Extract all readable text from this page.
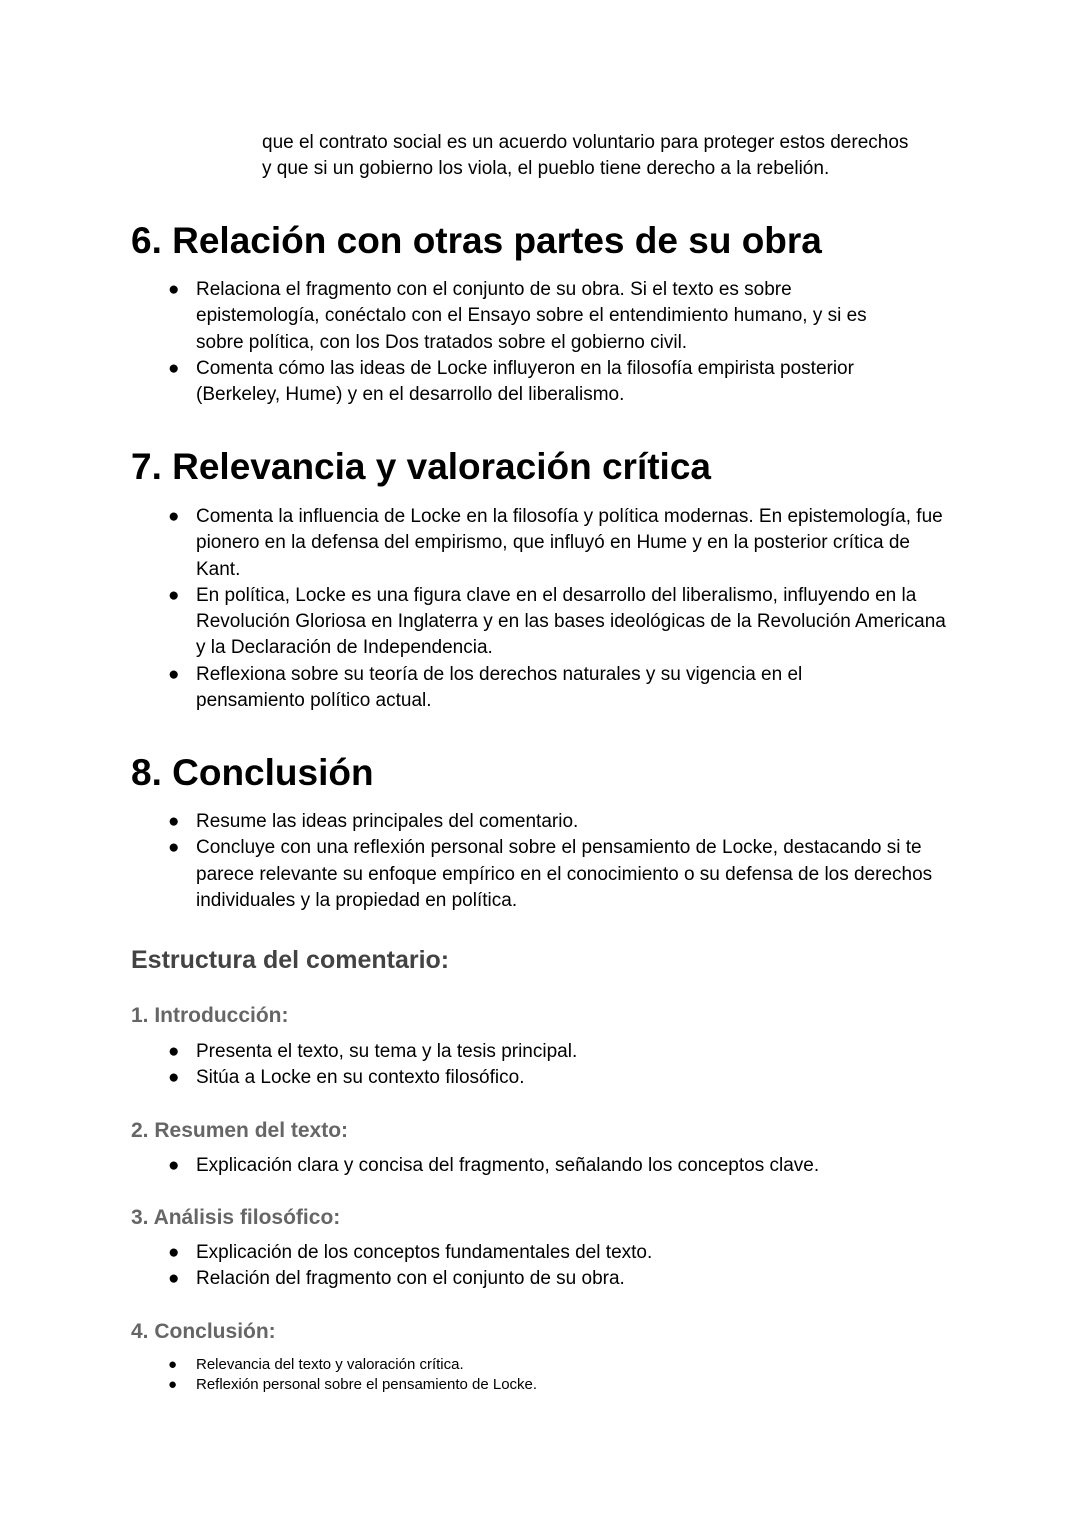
que el contrato social es un acuerdo voluntario para proteger estos derechos
y que si un gobierno los viola, el pueblo tiene derecho a la rebelión.
6. Relación con otras partes de su obra
● Relaciona el fragmento con el conjunto de su obra. Si el texto es sobre epistemología, conéctalo con el Ensayo sobre el entendimiento humano, y si es sobre política, con los Dos tratados sobre el gobierno civil.
● Comenta cómo las ideas de Locke influyeron en la filosofía empirista posterior (Berkeley, Hume) y en el desarrollo del liberalismo.
7. Relevancia y valoración crítica
● Comenta la influencia de Locke en la filosofía y política modernas. En epistemología, fue pionero en la defensa del empirismo, que influyó en Hume y en la posterior crítica de Kant.
● En política, Locke es una figura clave en el desarrollo del liberalismo, influyendo en la Revolución Gloriosa en Inglaterra y en las bases ideológicas de la Revolución Americana y la Declaración de Independencia.
● Reflexiona sobre su teoría de los derechos naturales y su vigencia en el pensamiento político actual.
8. Conclusión
● Resume las ideas principales del comentario.
● Concluye con una reflexión personal sobre el pensamiento de Locke, destacando si te parece relevante su enfoque empírico en el conocimiento o su defensa de los derechos individuales y la propiedad en política.
Estructura del comentario:
1. Introducción:
● Presenta el texto, su tema y la tesis principal.
● Sitúa a Locke en su contexto filosófico.
2. Resumen del texto:
● Explicación clara y concisa del fragmento, señalando los conceptos clave.
3. Análisis filosófico:
● Explicación de los conceptos fundamentales del texto.
● Relación del fragmento con el conjunto de su obra.
4. Conclusión:
● Relevancia del texto y valoración crítica.
● Reflexión personal sobre el pensamiento de Locke.
